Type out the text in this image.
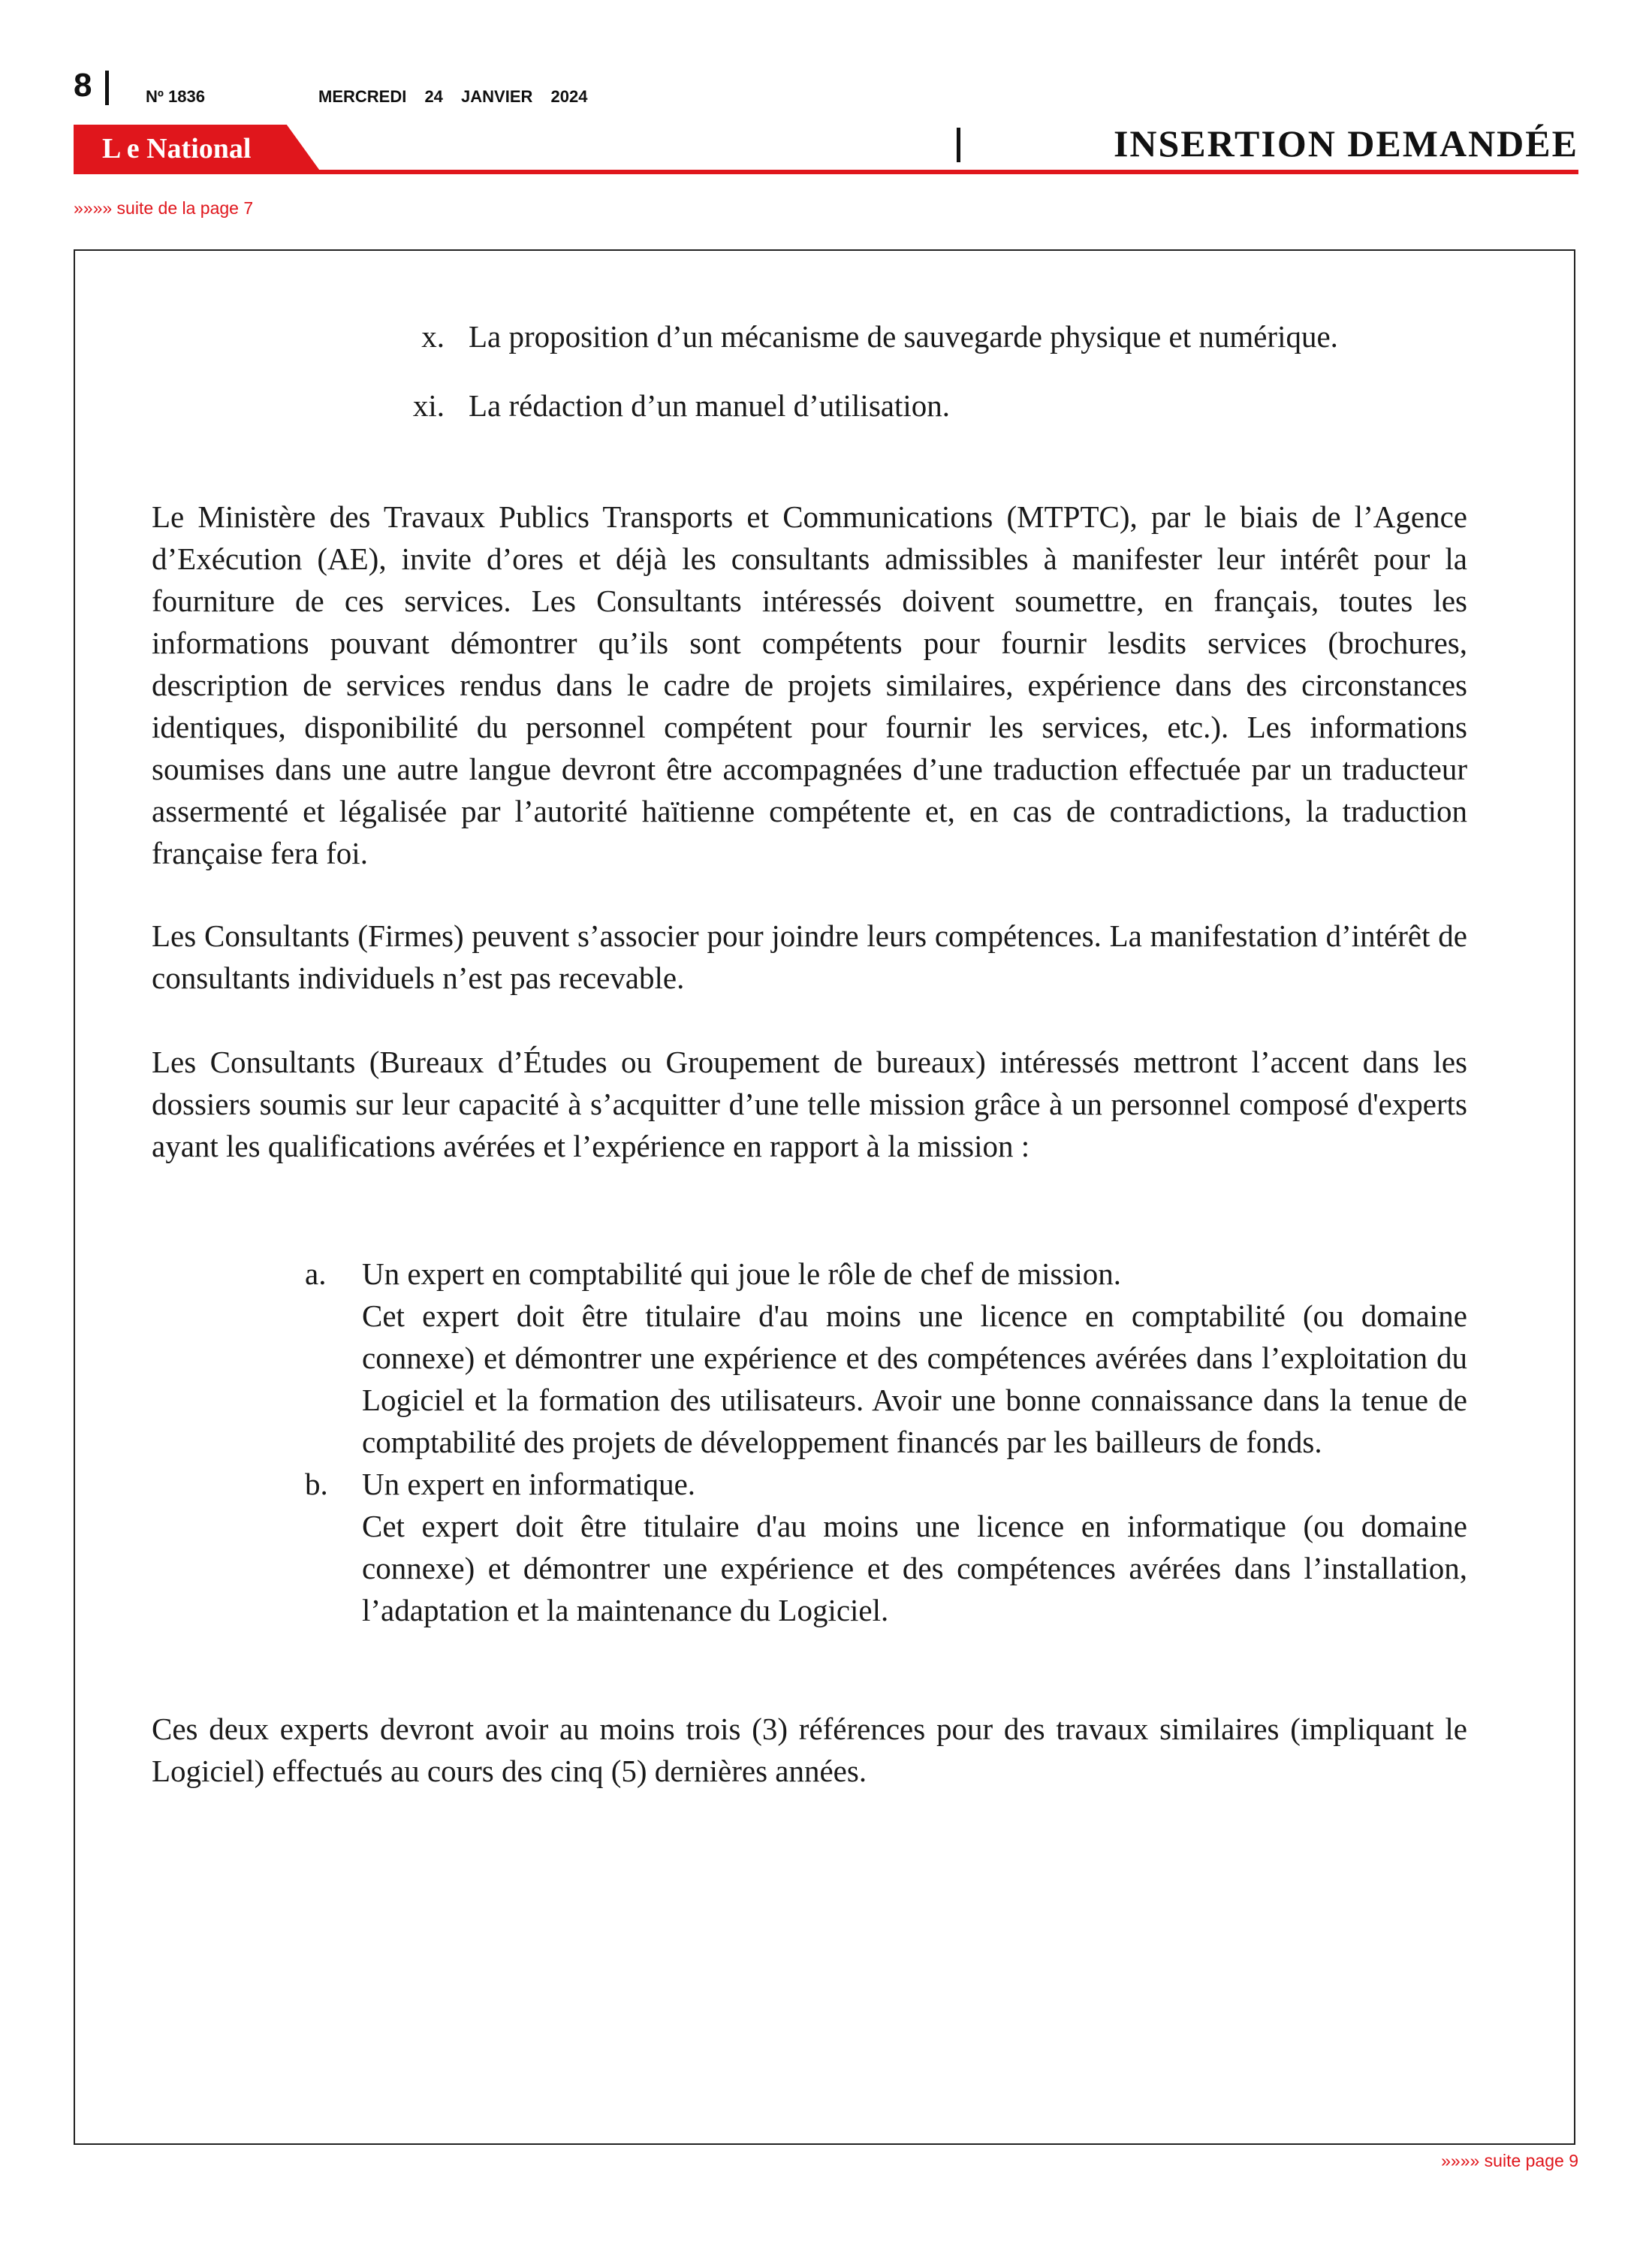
8	Nº 1836	MERCREDI 24 JANVIER 2024
L e National	INSERTION DEMANDÉE
»»»» suite de la page 7
x. La proposition d’un mécanisme de sauvegarde physique et numérique.
xi. La rédaction d’un manuel d’utilisation.
Le Ministère des Travaux Publics Transports et Communications (MTPTC), par le biais de l’Agence d’Exécution (AE), invite d’ores et déjà les consultants admissibles à manifester leur intérêt pour la fourniture de ces services. Les Consultants intéressés doivent soumettre, en français, toutes les informations pouvant démontrer qu’ils sont compétents pour fournir lesdits services (brochures, description de services rendus dans le cadre de projets similaires, expérience dans des circonstances identiques, disponibilité du personnel compétent pour fournir les services, etc.). Les informations soumises dans une autre langue devront être accompagnées d’une traduction effectuée par un traducteur assermenté et légalisée par l’autorité haïtienne compétente et, en cas de contradictions, la traduction française fera foi.
Les Consultants (Firmes) peuvent s’associer pour joindre leurs compétences. La manifestation d’intérêt de consultants individuels n’est pas recevable.
Les Consultants (Bureaux d’Études ou Groupement de bureaux) intéressés mettront l’accent dans les dossiers soumis sur leur capacité à s’acquitter d’une telle mission grâce à un personnel composé d'experts ayant les qualifications avérées et l’expérience en rapport à la mission :
a.	Un expert en comptabilité qui joue le rôle de chef de mission.
Cet expert doit être titulaire d'au moins une licence en comptabilité (ou domaine connexe) et démontrer une expérience et des compétences avérées dans l’exploitation du Logiciel et la formation des utilisateurs. Avoir une bonne connaissance dans la tenue de comptabilité des projets de développement financés par les bailleurs de fonds.
b.	Un expert en informatique.
Cet expert doit être titulaire d'au moins une licence en informatique (ou domaine connexe) et démontrer une expérience et des compétences avérées dans l’installation, l’adaptation et la maintenance du Logiciel.
Ces deux experts devront avoir au moins trois (3) références pour des travaux similaires (impliquant le Logiciel) effectués au cours des cinq (5) dernières années.
»»»» suite page 9
